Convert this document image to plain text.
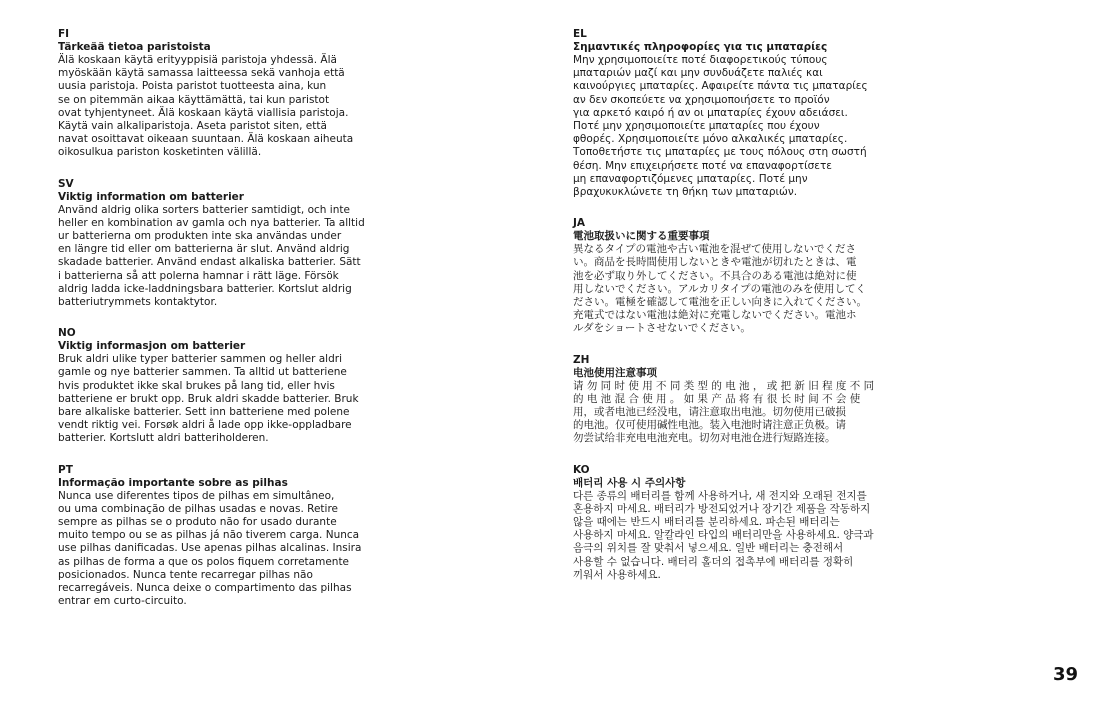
FI

Tärkeää tietoa paristoista

Älä koskaan käytä erityyppisiä paristoja yhdessä. Älä
myöskään käytä samassa laitteessa sekä vanhoja että
uusia paristoja. Poista paristot tuotteesta aina, kun
se on pitemmän aikaa käyttämättä, tai kun paristot
ovat tyhjentyneet. Älä koskaan käytä viallisia paristoja.
Käytä vain alkaliparistoja. Aseta paristot siten, että
navat osoittavat oikeaan suuntaan. Älä koskaan aiheuta
oikosulkua pariston kosketinten välillä.

SV

Viktig information om batterier

Använd aldrig olika sorters batterier samtidigt, och inte
heller en kombination av gamla och nya batterier. Ta alltid
ur batterierna om produkten inte ska användas under
en längre tid eller om batterierna är slut. Använd aldrig
skadade batterier. Använd endast alkaliska batterier. Sätt
i batterierna så att polerna hamnar i rätt läge. Försök
aldrig ladda icke-laddningsbara batterier. Kortslut aldrig
batteriutrymmets kontaktytor.

NO

Viktig informasjon om batterier

Bruk aldri ulike typer batterier sammen og heller aldri
gamle og nye batterier sammen. Ta alltid ut batteriene
hvis produktet ikke skal brukes på lang tid, eller hvis
batteriene er brukt opp. Bruk aldri skadde batterier. Bruk
bare alkaliske batterier. Sett inn batteriene med polene
vendt riktig vei. Forsøk aldri å lade opp ikke-oppladbare
batterier. Kortslutt aldri batteriholderen.

PT

Informação importante sobre as pilhas

Nunca use diferentes tipos de pilhas em simultâneo,
ou uma combinação de pilhas usadas e novas. Retire
sempre as pilhas se o produto não for usado durante
muito tempo ou se as pilhas já não tiverem carga. Nunca
use pilhas danificadas. Use apenas pilhas alcalinas. Insira
as pilhas de forma a que os polos fiquem corretamente
posicionados. Nunca tente recarregar pilhas não
recarregáveis. Nunca deixe o compartimento das pilhas
entrar em curto-circuito.

EL

Σημαντικές πληροφορίες για τις μπαταρίες

Μην χρησιμοποιείτε ποτέ διαφορετικούς τύπους
μπαταριών μαζί και μην συνδυάζετε παλιές και
καινούργιες μπαταρίες. Αφαιρείτε πάντα τις μπαταρίες
αν δεν σκοπεύετε να χρησιμοποιήσετε το προϊόν
για αρκετό καιρό ή αν οι μπαταρίες έχουν αδειάσει.
Ποτέ μην χρησιμοποιείτε μπαταρίες που έχουν
φθορές. Χρησιμοποιείτε μόνο αλκαλικές μπαταρίες.
Τοποθετήστε τις μπαταρίες με τους πόλους στη σωστή
θέση. Μην επιχειρήσετε ποτέ να επαναφορτίσετε
μη επαναφορτιζόμενες μπαταρίες. Ποτέ μην
βραχυκυκλώνετε τη θήκη των μπαταριών.

JA

電池取扱いに関する重要事項

異なるタイプの電池や古い電池を混ぜて使用しないでくださ
い。商品を長時間使用しないときや電池が切れたときは、電
池を必ず取り外してください。不具合のある電池は絶対に使
用しないでください。アルカリタイプの電池のみを使用してく
ださい。電極を確認して電池を正しい向きに入れてください。
充電式ではない電池は絶対に充電しないでください。電池ホ
ルダをショートさせないでください。

ZH

电池使用注意事项

请 勿 同 时 使 用 不 同 类 型 的 电 池 ， 或 把 新 旧 程 度 不 同
的 电 池 混 合 使 用 。 如 果 产 品 将 有 很 长 时 间 不 会 使
用，或者电池已经没电，请注意取出电池。切勿使用已破损
的电池。仅可使用碱性电池。装入电池时请注意正负极。请
勿尝试给非充电电池充电。切勿对电池仓进行短路连接。

KO

배터리 사용 시 주의사항

다른 종류의 배터리를 함께 사용하거나, 새 전지와 오래된 전지를
혼용하지 마세요. 배터리가 방전되었거나 장기간 제품을 작동하지
않을 때에는 반드시 배터리를 분리하세요. 파손된 배터리는
사용하지 마세요. 알칼라인 타입의 배터리만을 사용하세요. 양극과
음극의 위치를 잘 맞춰서 넣으세요. 일반 배터리는 충전해서
사용할 수 없습니다. 배터리 홀더의 접촉부에 배터리를 정확히
끼워서 사용하세요.
39
